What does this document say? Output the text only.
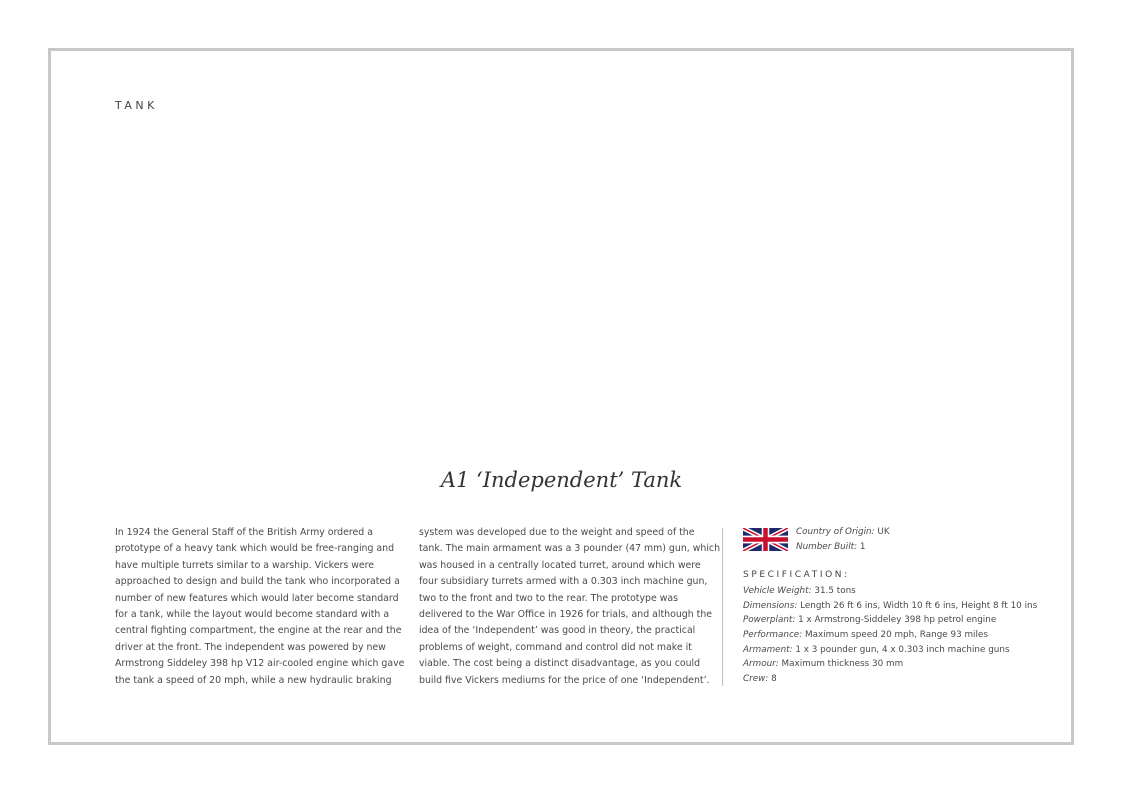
TANK
A1 ‘Independent’ Tank
In 1924 the General Staff of the British Army ordered a
prototype of a heavy tank which would be free-ranging and
have multiple turrets similar to a warship. Vickers were
approached to design and build the tank who incorporated a
number of new features which would later become standard
for a tank, while the layout would become standard with a
central fighting compartment, the engine at the rear and the
driver at the front. The independent was powered by new
Armstrong Siddeley 398 hp V12 air-cooled engine which gave
the tank a speed of 20 mph, while a new hydraulic braking
system was developed due to the weight and speed of the
tank. The main armament was a 3 pounder (47 mm) gun, which
was housed in a centrally located turret, around which were
four subsidiary turrets armed with a 0.303 inch machine gun,
two to the front and two to the rear. The prototype was
delivered to the War Office in 1926 for trials, and although the
idea of the ‘Independent’ was good in theory, the practical
problems of weight, command and control did not make it
viable. The cost being a distinct disadvantage, as you could
build five Vickers mediums for the price of one ‘Independent’.
Country of Origin: UK
Number Built: 1
SPECIFICATION:
Vehicle Weight: 31.5 tons
Dimensions: Length 26 ft 6 ins, Width 10 ft 6 ins, Height 8 ft 10 ins
Powerplant: 1 x Armstrong-Siddeley 398 hp petrol engine
Performance: Maximum speed 20 mph, Range 93 miles
Armament: 1 x 3 pounder gun, 4 x 0.303 inch machine guns
Armour: Maximum thickness 30 mm
Crew: 8
